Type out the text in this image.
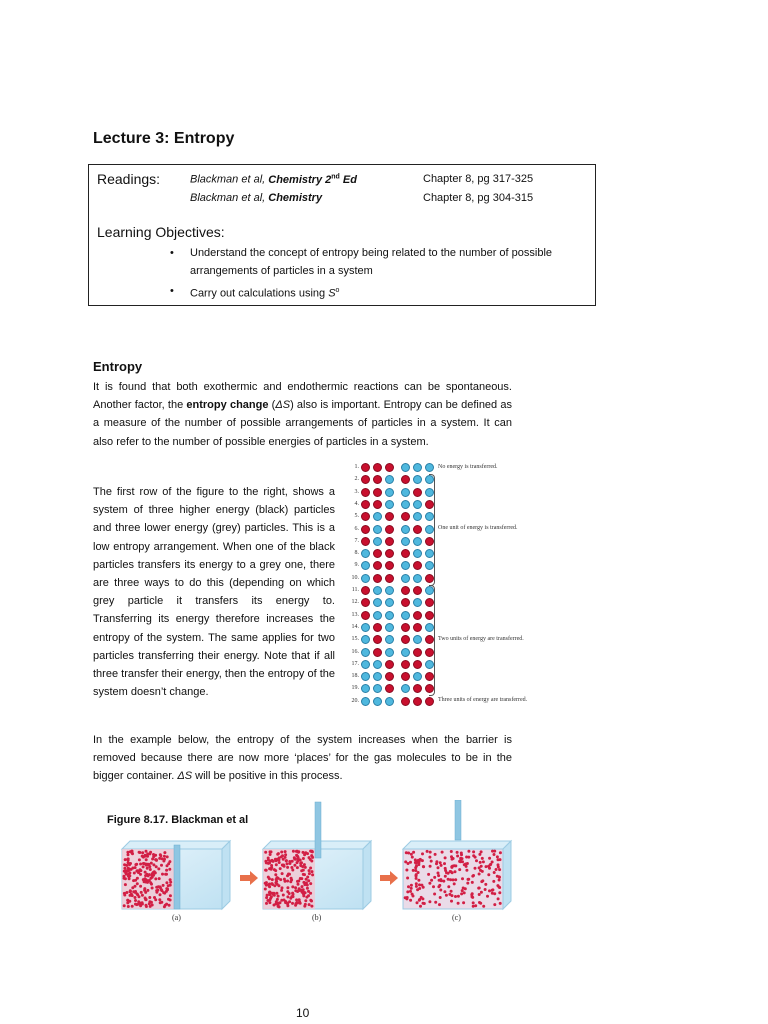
Lecture 3: Entropy
Readings:	Blackman et al, Chemistry 2nd Ed	Chapter 8, pg 317-325
Blackman et al, Chemistry	Chapter 8, pg 304-315
Learning Objectives:
• Understand the concept of entropy being related to the number of possible arrangements of particles in a system
• Carry out calculations using $S^o$
Entropy
It is found that both exothermic and endothermic reactions can be spontaneous. Another factor, the entropy change (ΔS) also is important. Entropy can be defined as a measure of the number of possible arrangements of particles in a system. It can also refer to the number of possible energies of particles in a system.
The first row of the figure to the right, shows a system of three higher energy (black) particles and three lower energy (grey) particles. This is a low entropy arrangement. When one of the black particles transfers its energy to a grey one, there are three ways to do this (depending on which grey particle it transfers its energy to. Transferring its energy therefore increases the entropy of the system. The same applies for two particles transferring their energy. Note that if all three transfer their energy, then the entropy of the system doesn’t change.
1.
2.
3.
4.
5.
6.
7.
8.
9.
10.
11.
12.
13.
14.
15.
16.
17.
18.
19.
20.
No energy is transferred.
One unit of energy is transferred.
Two units of energy are transferred.
Three units of energy are transferred.
In the example below, the entropy of the system increases when the barrier is removed because there are now more ‘places’ for the gas molecules to be in the bigger container. ΔS will be positive in this process.
Figure 8.17. Blackman et al
(a)	(b)	(c)
10
